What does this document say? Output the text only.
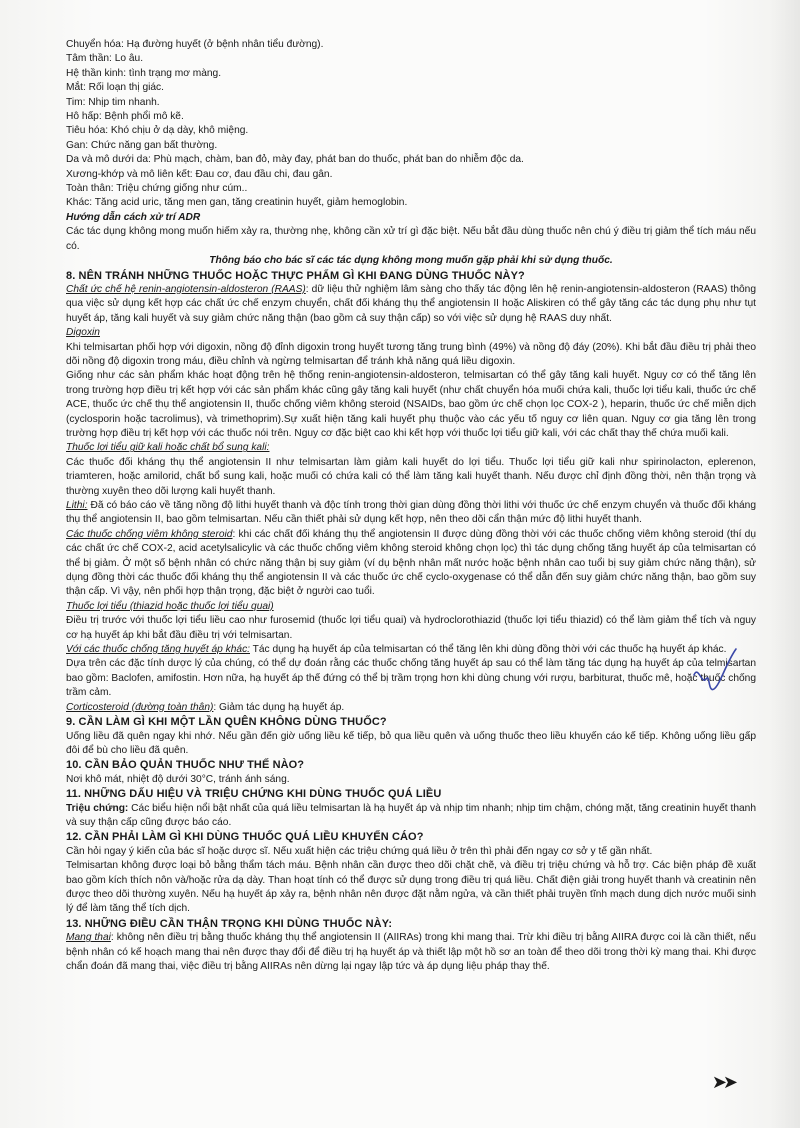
Chuyển hóa: Hạ đường huyết (ở bệnh nhân tiểu đường).

Tâm thần: Lo âu.

Hệ thần kinh: tình trạng mơ màng.

Mắt: Rối loạn thị giác.

Tim: Nhịp tim nhanh.

Hô hấp: Bệnh phổi mô kẽ.

Tiêu hóa: Khó chịu ở dạ dày, khô miệng.

Gan: Chức năng gan bất thường.

Da và mô dưới da: Phù mạch, chàm, ban đỏ, mày đay, phát ban do thuốc, phát ban do nhiễm độc da.

Xương-khớp và mô liên kết: Đau cơ, đau đầu chi, đau gân.

Toàn thân: Triệu chứng giống như cúm..

Khác: Tăng acid uric, tăng men gan, tăng creatinin huyết, giảm hemoglobin.

Hướng dẫn cách xử trí ADR

Các tác dụng không mong muốn hiếm xảy ra, thường nhẹ, không cần xử trí gì đặc biệt. Nếu bắt đầu dùng thuốc nên chú ý điều trị giảm thể tích máu nếu có.

Thông báo cho bác sĩ các tác dụng không mong muốn gặp phải khi sử dụng thuốc.

8. NÊN TRÁNH NHỮNG THUỐC HOẶC THỰC PHẨM GÌ KHI ĐANG DÙNG THUỐC NÀY?

Chất ức chế hệ renin-angiotensin-aldosteron (RAAS): dữ liệu thử nghiệm lâm sàng cho thấy tác động lên hệ renin-angiotensin-aldosteron (RAAS) thông qua việc sử dụng kết hợp các chất ức chế enzym chuyển, chất đối kháng thụ thể angiotensin II hoặc Aliskiren có thể gây tăng các tác dụng phụ như tụt huyết áp, tăng kali huyết và suy giảm chức năng thận (bao gồm cả suy thận cấp) so với việc sử dụng hệ RAAS duy nhất.

Digoxin

Khi telmisartan phối hợp với digoxin, nồng độ đỉnh digoxin trong huyết tương tăng trung bình (49%) và nồng độ đáy (20%). Khi bắt đầu điều trị phải theo dõi nồng độ digoxin trong máu, điều chỉnh và ngừng telmisartan để tránh khả năng quá liều digoxin.

Giống như các sản phẩm khác hoạt động trên hệ thống renin-angiotensin-aldosteron, telmisartan có thể gây tăng kali huyết. Nguy cơ có thể tăng lên trong trường hợp điều trị kết hợp với các sản phẩm khác cũng gây tăng kali huyết (như chất chuyển hóa muối chứa kali, thuốc lợi tiểu kali, thuốc ức chế ACE, thuốc ức chế thụ thể angiotensin II, thuốc chống viêm không steroid (NSAIDs, bao gồm ức chế chọn lọc COX-2 ), heparin, thuốc ức chế miễn dịch (cyclosporin hoặc tacrolimus), và trimethoprim).Sự xuất hiện tăng kali huyết phụ thuộc vào các yếu tố nguy cơ liên quan. Nguy cơ gia tăng lên trong trường hợp điều trị kết hợp với các thuốc nói trên. Nguy cơ đặc biệt cao khi kết hợp với thuốc lợi tiểu giữ kali, với các chất thay thế chứa muối kali.

Thuốc lợi tiểu giữ kali hoặc chất bổ sung kali:

Các thuốc đối kháng thụ thể angiotensin II như telmisartan làm giảm kali huyết do lợi tiểu. Thuốc lợi tiểu giữ kali như spirinolacton, eplerenon, triamteren, hoặc amilorid, chất bổ sung kali, hoặc muối có chứa kali có thể làm tăng kali huyết thanh. Nếu được chỉ định đồng thời, nên thận trọng và thường xuyên theo dõi lượng kali huyết thanh.

Lithi: Đã có báo cáo về tăng nồng độ lithi huyết thanh và độc tính trong thời gian dùng đồng thời lithi với thuốc ức chế enzym chuyển và thuốc đối kháng thụ thể angiotensin II, bao gồm telmisartan. Nếu cần thiết phải sử dụng kết hợp, nên theo dõi cẩn thận mức độ lithi huyết thanh.

Các thuốc chống viêm không steroid: khi các chất đối kháng thụ thể angiotensin II được dùng đồng thời với các thuốc chống viêm không steroid (thí dụ các chất ức chế COX-2, acid acetylsalicylic và các thuốc chống viêm không steroid không chọn lọc) thì tác dụng chống tăng huyết áp của telmisartan có thể bị giảm. Ở một số bệnh nhân có chức năng thận bị suy giảm (ví dụ bệnh nhân mất nước hoặc bệnh nhân cao tuổi bị suy giảm chức năng thận), sử dụng đồng thời các thuốc đối kháng thụ thể angiotensin II và các thuốc ức chế cyclo-oxygenase có thể dẫn đến suy giảm chức năng thận, bao gồm suy thận cấp. Vì vậy, nên phối hợp thận trọng, đặc biệt ở người cao tuổi.

Thuốc lợi tiểu (thiazid hoặc thuốc lợi tiểu quai)

Điều trị trước với thuốc lợi tiểu liều cao như furosemid (thuốc lợi tiểu quai) và hydroclorothiazid (thuốc lợi tiểu thiazid) có thể làm giảm thể tích và nguy cơ hạ huyết áp khi bắt đầu điều trị với telmisartan.

Với các thuốc chống tăng huyết áp khác: Tác dụng hạ huyết áp của telmisartan có thể tăng lên khi dùng đồng thời với các thuốc hạ huyết áp khác.

Dựa trên các đặc tính dược lý của chúng, có thể dự đoán rằng các thuốc chống tăng huyết áp sau có thể làm tăng tác dụng hạ huyết áp của telmisartan bao gồm: Baclofen, amifostin. Hơn nữa, hạ huyết áp thế đứng có thể bị trầm trọng hơn khi dùng chung với rượu, barbiturat, thuốc mê, hoặc thuốc chống trầm cảm.

Corticosteroid (đường toàn thân): Giảm tác dụng hạ huyết áp.

9. CẦN LÀM GÌ KHI MỘT LẦN QUÊN KHÔNG DÙNG THUỐC?

Uống liều đã quên ngay khi nhớ. Nếu gần đến giờ uống liều kế tiếp, bỏ qua liều quên và uống thuốc theo liều khuyến cáo kế tiếp. Không uống liều gấp đôi để bù cho liều đã quên.

10. CẦN BẢO QUẢN THUỐC NHƯ THẾ NÀO?

Nơi khô mát, nhiệt độ dưới 30°C, tránh ánh sáng.

11. NHỮNG DẤU HIỆU VÀ TRIỆU CHỨNG KHI DÙNG THUỐC QUÁ LIỀU

Triệu chứng: Các biểu hiện nổi bật nhất của quá liều telmisartan là hạ huyết áp và nhịp tim nhanh; nhịp tim chậm, chóng mặt, tăng creatinin huyết thanh và suy thận cấp cũng được báo cáo.

12. CẦN PHẢI LÀM GÌ KHI DÙNG THUỐC QUÁ LIỀU KHUYẾN CÁO?

Cần hỏi ngay ý kiến của bác sĩ hoặc dược sĩ. Nếu xuất hiện các triệu chứng quá liều ở trên thì phải đến ngay cơ sở y tế gần nhất.

Telmisartan không được loại bỏ bằng thẩm tách máu. Bệnh nhân cần được theo dõi chặt chẽ, và điều trị triệu chứng và hỗ trợ. Các biện pháp đề xuất bao gồm kích thích nôn và/hoặc rửa dạ dày. Than hoạt tính có thể được sử dụng trong điều trị quá liều. Chất điện giải trong huyết thanh và creatinin nên được theo dõi thường xuyên. Nếu hạ huyết áp xảy ra, bệnh nhân nên được đặt nằm ngửa, và cần thiết phải truyền tĩnh mạch dung dịch nước muối sinh lý để làm tăng thể tích dịch.

13. NHỮNG ĐIỀU CẦN THẬN TRỌNG KHI DÙNG THUỐC NÀY:

Mang thai: không nên điều trị bằng thuốc kháng thụ thể angiotensin II (AIIRAs) trong khi mang thai. Trừ khi điều trị bằng AIIRA được coi là cần thiết, nếu bệnh nhân có kế hoạch mang thai nên được thay đổi để điều trị hạ huyết áp và thiết lập một hồ sơ an toàn để theo dõi trong thời kỳ mang thai. Khi được chẩn đoán đã mang thai, việc điều trị bằng AIIRAs nên dừng lại ngay lập tức và áp dụng liệu pháp thay thế.

➤➤
